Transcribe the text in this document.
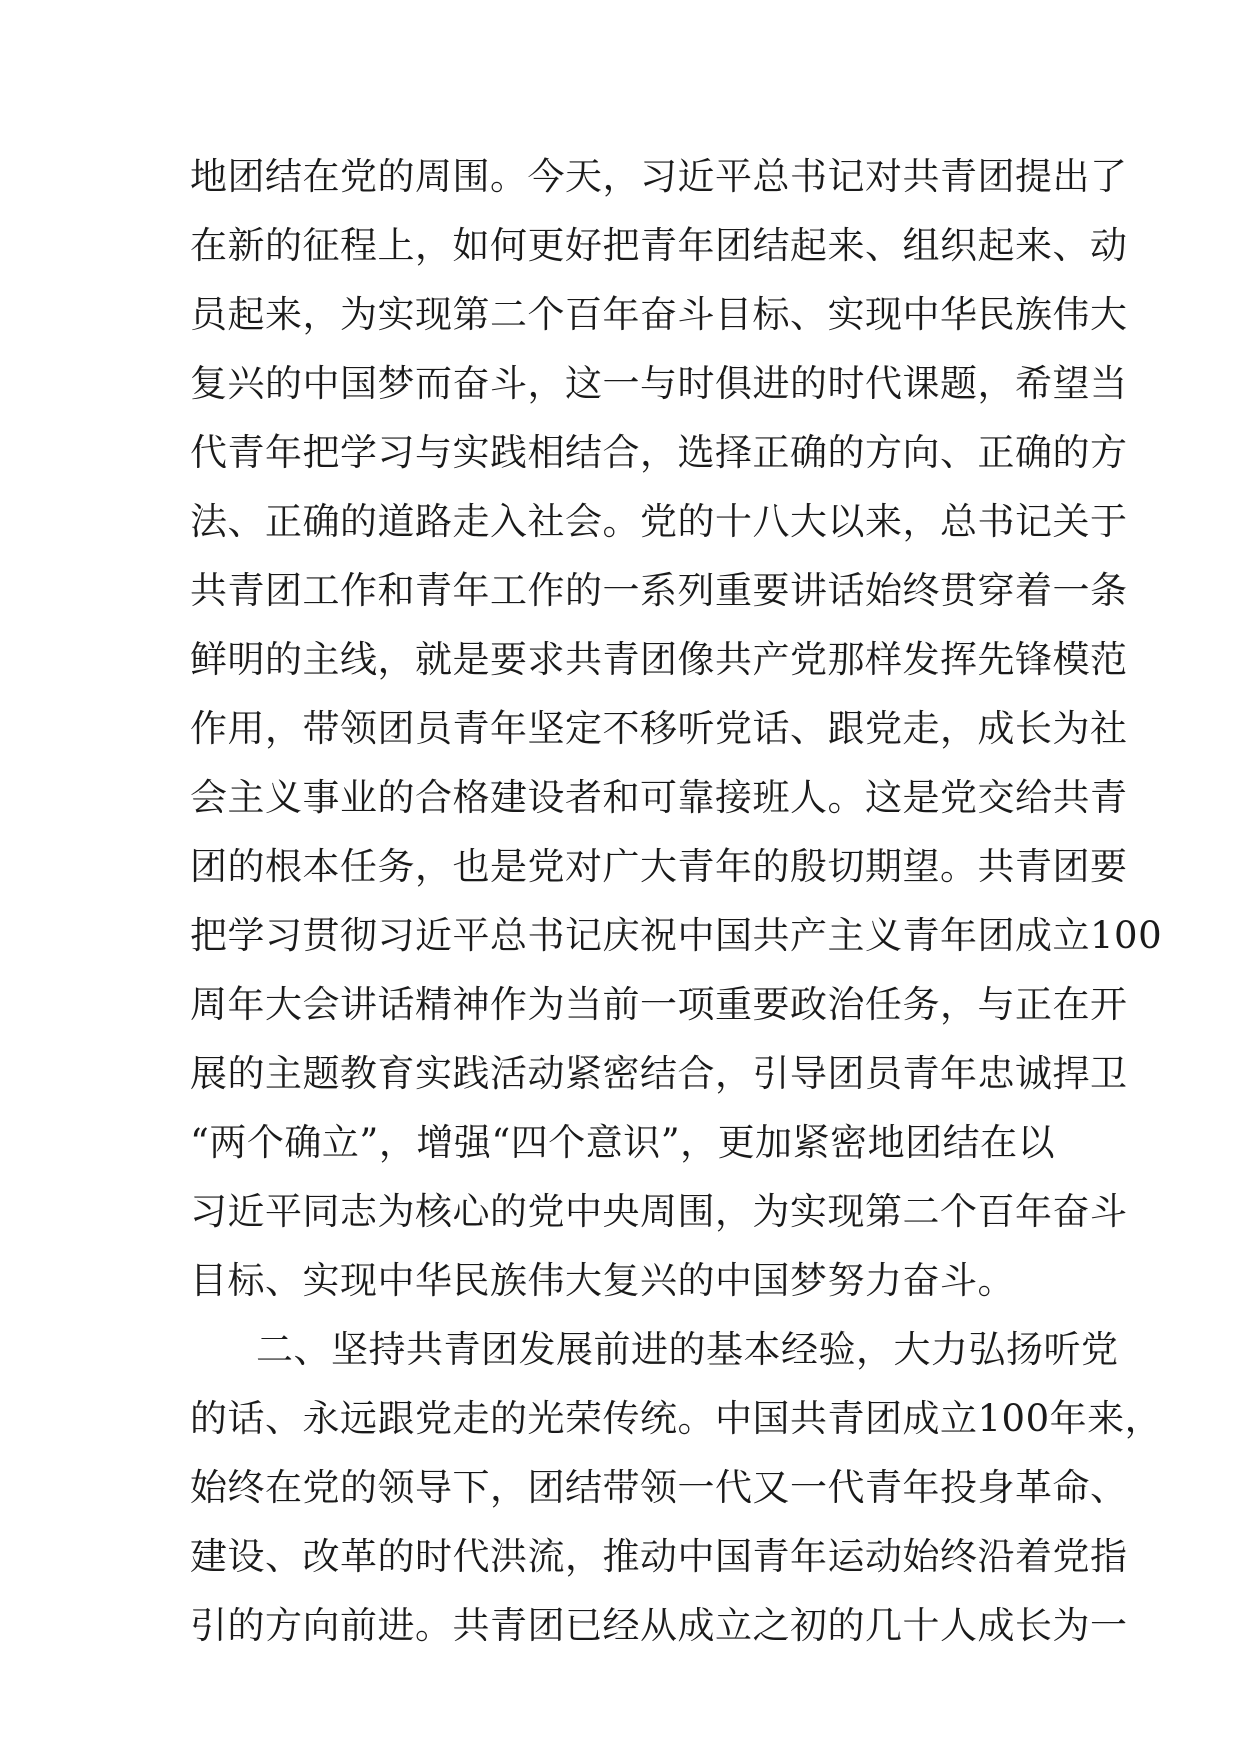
地团结在党的周围。今天，习近平总书记对共青团提出了
在新的征程上，如何更好把青年团结起来、组织起来、动
员起来，为实现第二个百年奋斗目标、实现中华民族伟大
复兴的中国梦而奋斗，这一与时俱进的时代课题，希望当
代青年把学习与实践相结合，选择正确的方向、正确的方
法、正确的道路走入社会。党的十八大以来，总书记关于
共青团工作和青年工作的一系列重要讲话始终贯穿着一条
鲜明的主线，就是要求共青团像共产党那样发挥先锋模范
作用，带领团员青年坚定不移听党话、跟党走，成长为社
会主义事业的合格建设者和可靠接班人。这是党交给共青
团的根本任务，也是党对广大青年的殷切期望。共青团要
把学习贯彻习近平总书记庆祝中国共产主义青年团成立100
周年大会讲话精神作为当前一项重要政治任务，与正在开
展的主题教育实践活动紧密结合，引导团员青年忠诚捍卫
“两个确立”，增强“四个意识”，更加紧密地团结在以
习近平同志为核心的党中央周围，为实现第二个百年奋斗
目标、实现中华民族伟大复兴的中国梦努力奋斗。
二、坚持共青团发展前进的基本经验，大力弘扬听党
的话、永远跟党走的光荣传统。中国共青团成立100年来，
始终在党的领导下，团结带领一代又一代青年投身革命、
建设、改革的时代洪流，推动中国青年运动始终沿着党指
引的方向前进。共青团已经从成立之初的几十人成长为一
